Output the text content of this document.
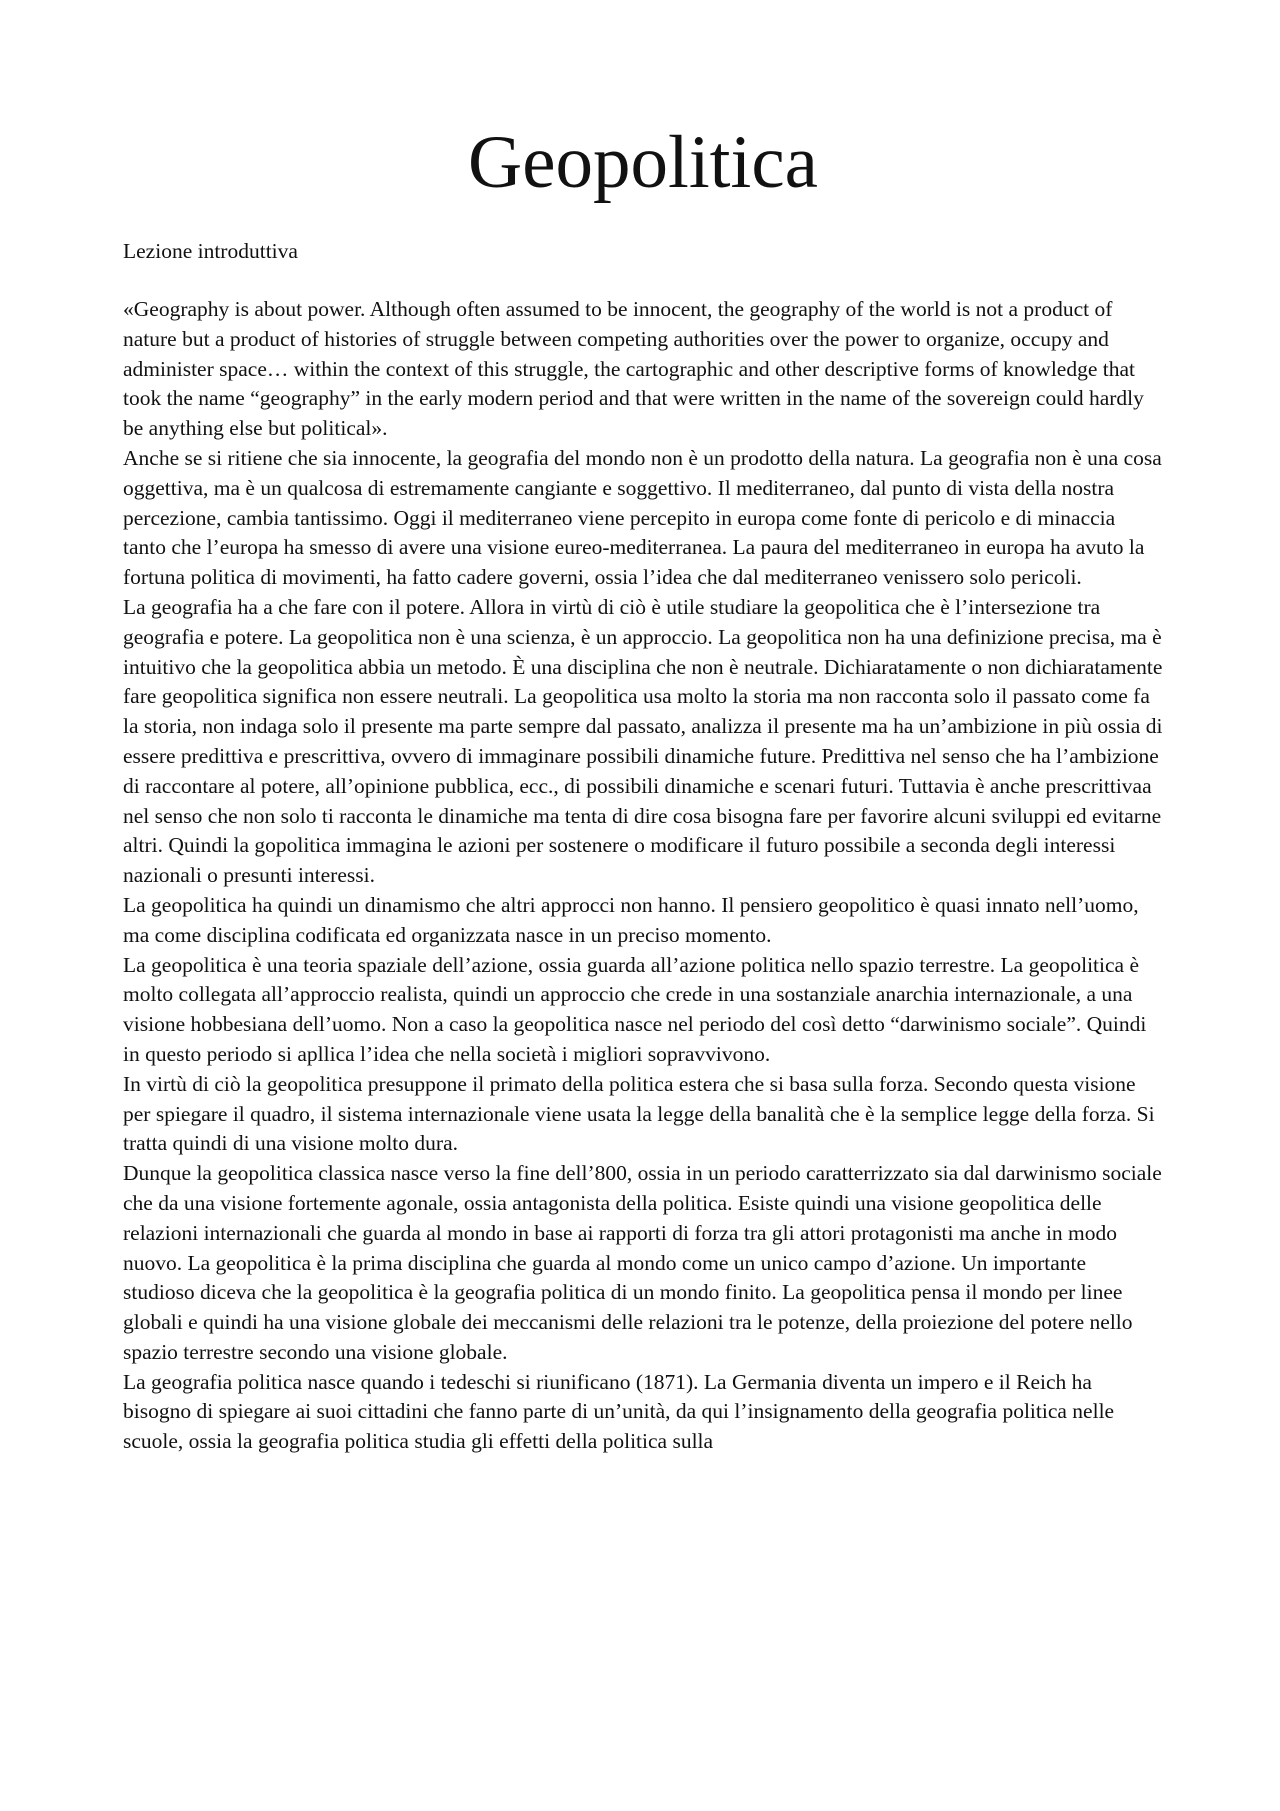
Geopolitica

Lezione introduttiva

«Geography is about power. Although often assumed to be innocent, the geography of the world is not a product of nature but a product of histories of struggle between competing authorities over the power to organize, occupy and administer space… within the context of this struggle, the cartographic and other descriptive forms of knowledge that took the name “geography” in the early modern period and that were written in the name of the sovereign could hardly be anything else but political».

Anche se si ritiene che sia innocente, la geografia del mondo non è un prodotto della natura. La geografia non è una cosa oggettiva, ma è un qualcosa di estremamente cangiante e soggettivo. Il mediterraneo, dal punto di vista della nostra percezione, cambia tantissimo. Oggi il mediterraneo viene percepito in europa come fonte di pericolo e di minaccia tanto che l’europa ha smesso di avere una visione eureo-mediterranea. La paura del mediterraneo in europa ha avuto la fortuna politica di movimenti, ha fatto cadere governi, ossia l’idea che dal mediterraneo venissero solo pericoli.

La geografia ha a che fare con il potere. Allora in virtù di ciò è utile studiare la geopolitica che è l’intersezione tra geografia e potere. La geopolitica non è una scienza, è un approccio. La geopolitica non ha una definizione precisa, ma è intuitivo che la geopolitica abbia un metodo. È una disciplina che non è neutrale. Dichiaratamente o non dichiaratamente fare geopolitica significa non essere neutrali. La geopolitica usa molto la storia ma non racconta solo il passato come fa la storia, non indaga solo il presente ma parte sempre dal passato, analizza il presente ma ha un’ambizione in più ossia di essere predittiva e prescrittiva, ovvero di immaginare possibili dinamiche future. Predittiva nel senso che ha l’ambizione di raccontare al potere, all’opinione pubblica, ecc., di possibili dinamiche e scenari futuri. Tuttavia è anche prescrittivaa nel senso che non solo ti racconta le dinamiche ma tenta di dire cosa bisogna fare per favorire alcuni sviluppi ed evitarne altri. Quindi la gopolitica immagina le azioni per sostenere o modificare il futuro possibile a seconda degli interessi nazionali o presunti interessi.

La geopolitica ha quindi un dinamismo che altri approcci non hanno. Il pensiero geopolitico è quasi innato nell’uomo, ma come disciplina codificata ed organizzata nasce in un preciso momento.

La geopolitica è una teoria spaziale dell’azione, ossia guarda all’azione politica nello spazio terrestre. La geopolitica è molto collegata all’approccio realista, quindi un approccio che crede in una sostanziale anarchia internazionale, a una visione hobbesiana dell’uomo. Non a caso la geopolitica nasce nel periodo del così detto “darwinismo sociale”. Quindi in questo periodo si apllica l’idea che nella società i migliori sopravvivono.

In virtù di ciò la geopolitica presuppone il primato della politica estera che si basa sulla forza. Secondo questa visione per spiegare il quadro, il sistema internazionale viene usata la legge della banalità che è la semplice legge della forza. Si tratta quindi di una visione molto dura.

Dunque la geopolitica classica nasce verso la fine dell’800, ossia in un periodo caratterrizzato sia dal darwinismo sociale che da una visione fortemente agonale, ossia antagonista della politica. Esiste quindi una visione geopolitica delle relazioni internazionali che guarda al mondo in base ai rapporti di forza tra gli attori protagonisti ma anche in modo nuovo. La geopolitica è la prima disciplina che guarda al mondo come un unico campo d’azione. Un importante studioso diceva che la geopolitica è la geografia politica di un mondo finito. La geopolitica pensa il mondo per linee globali e quindi ha una visione globale dei meccanismi delle relazioni tra le potenze, della proiezione del potere nello spazio terrestre secondo una visione globale.

La geografia politica nasce quando i tedeschi si riunificano (1871). La Germania diventa un impero e il Reich ha bisogno di spiegare ai suoi cittadini che fanno parte di un’unità, da qui l’insignamento della geografia politica nelle scuole, ossia la geografia politica studia gli effetti della politica sulla
